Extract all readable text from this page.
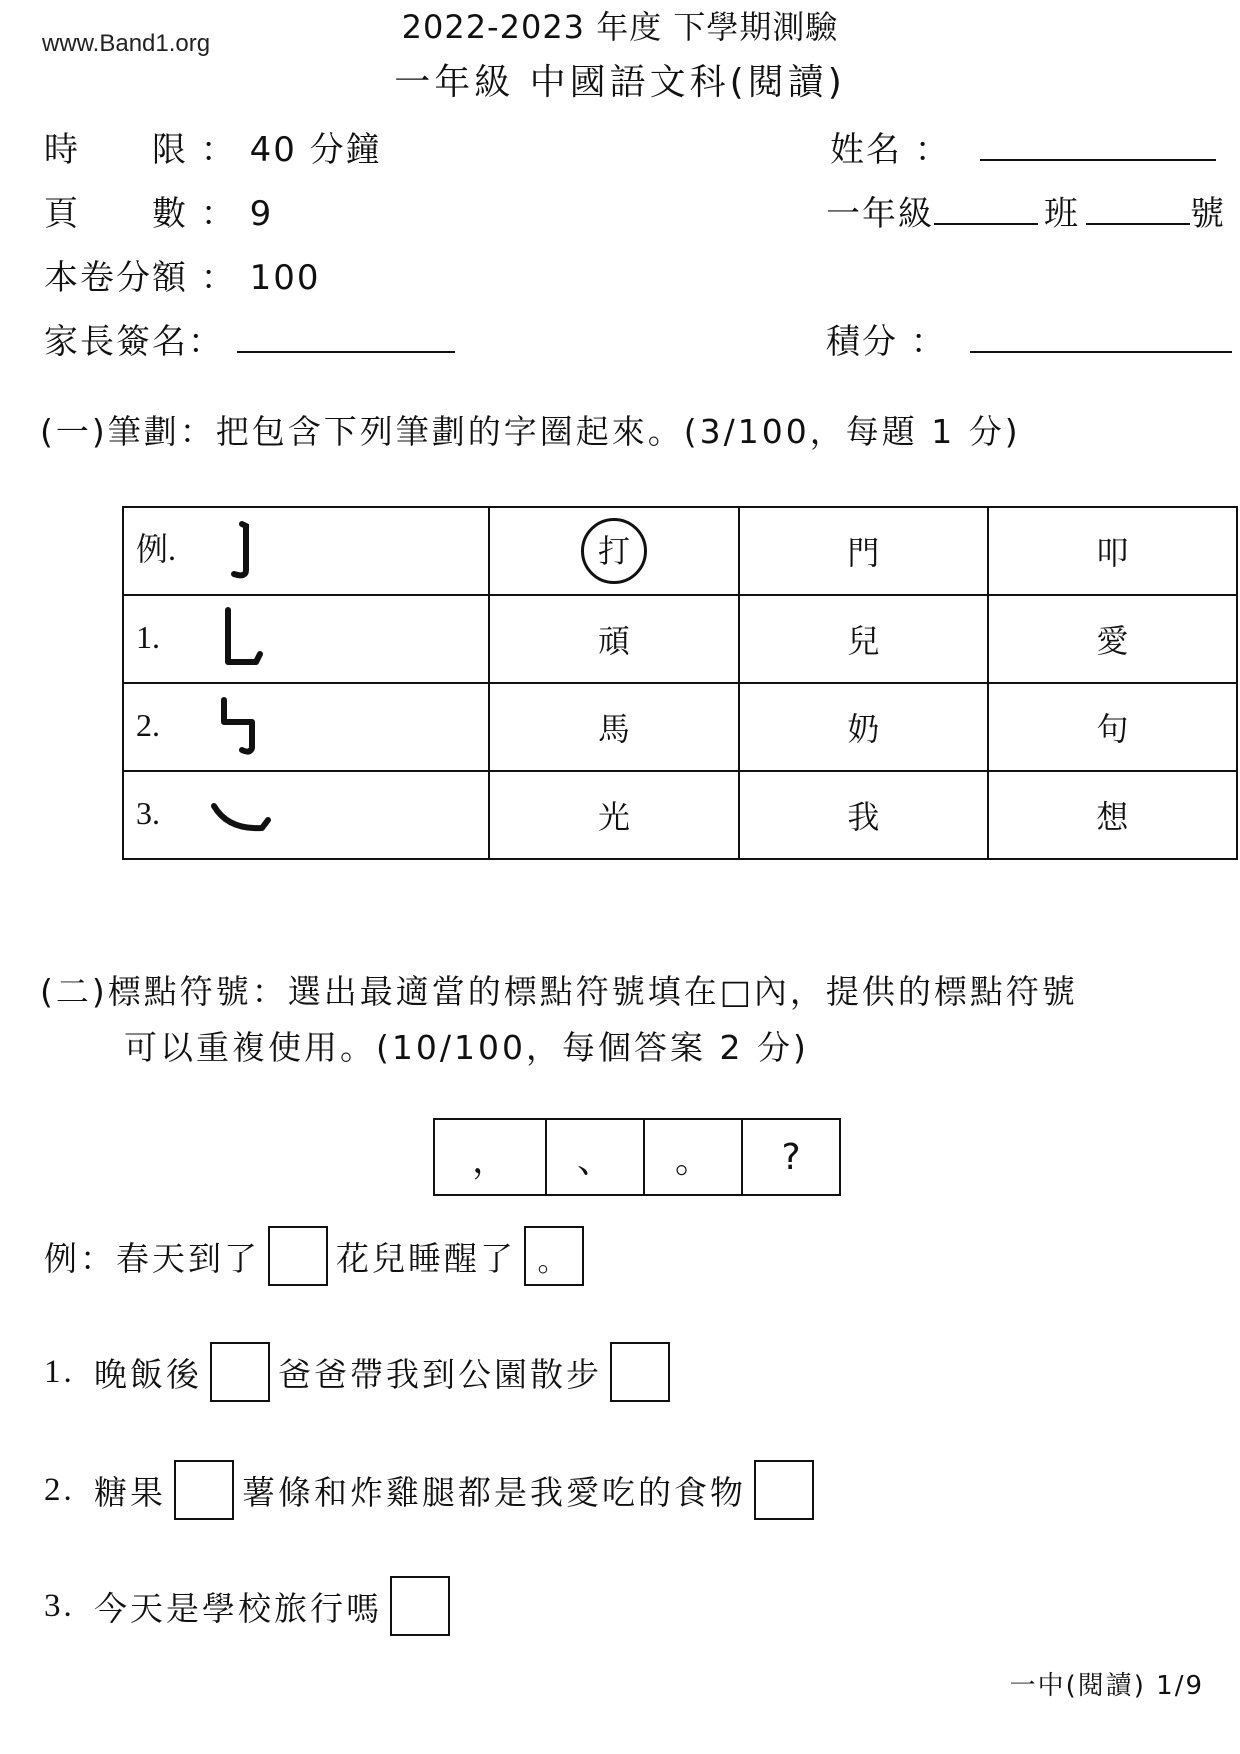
www.Band1.org	2022-2023 年度 下學期測驗
一年級 中國語文科(閱讀)
時　　限 ： 40 分鐘
頁　　數 ： 9
本卷分額 ： 100
家長簽名：
姓名 ：
一年級	班	號
積分 ：
(一)筆劃：把包含下列筆劃的字圈起來。(3/100，每題 1 分)
例.	打	門	叩
1.	頑	兒	愛
2.	馬	奶	句
3.	光	我	想
(二)標點符號：選出最適當的標點符號填在□內，提供的標點符號
可以重複使用。(10/100，每個答案 2 分)
，	、	。	?
例 ：春天到了 花兒睡醒了 。
1. 晚飯後 爸爸帶我到公園散步
2. 糖果 薯條和炸雞腿都是我愛吃的食物
3. 今天是學校旅行嗎
一中(閱讀) 1/9
